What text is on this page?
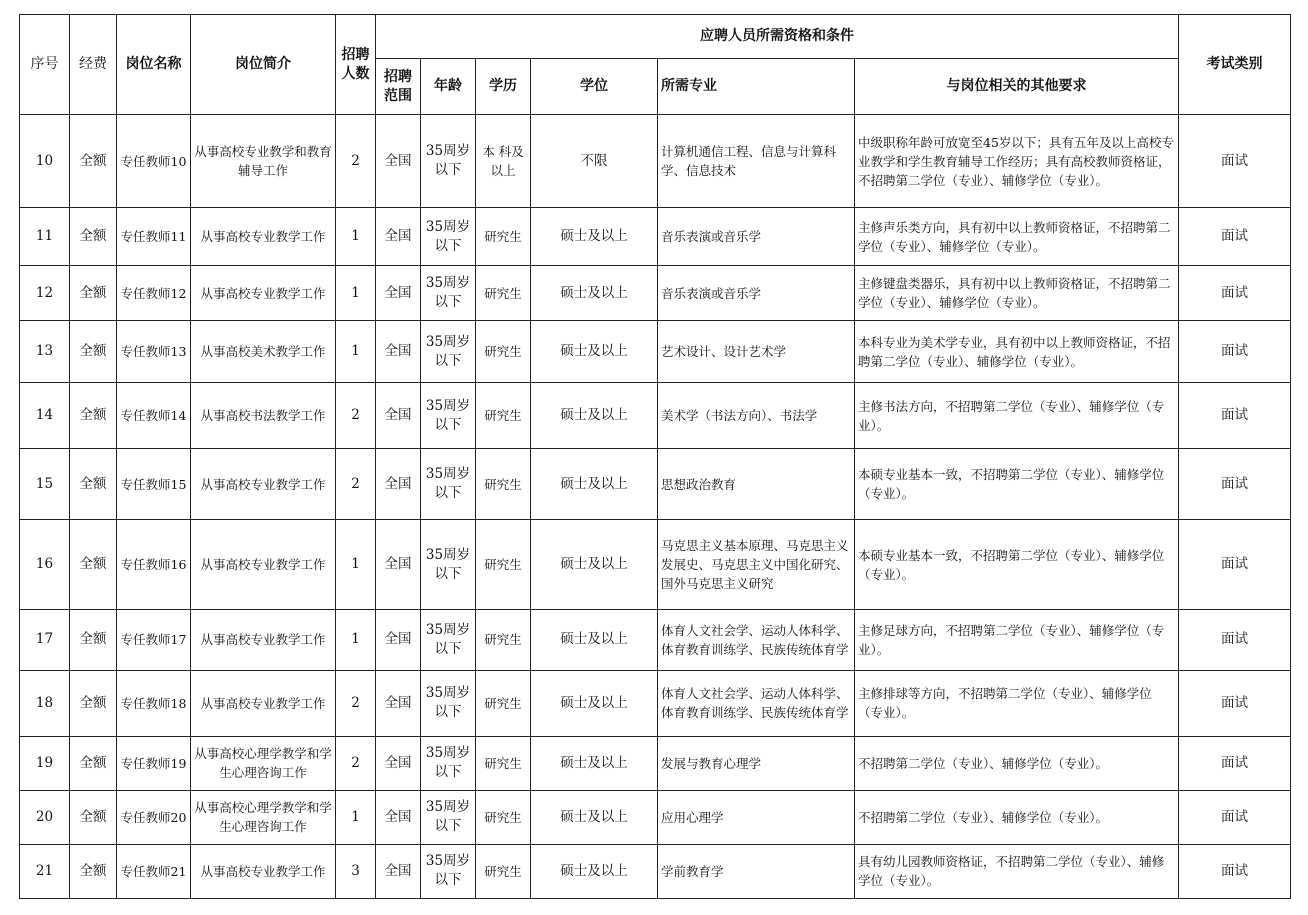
序号	经费	岗位名称	岗位简介	招聘人数	应聘人员所需资格和条件						考试类别
					招聘范围	年龄	学历	学位	所需专业	与岗位相关的其他要求	
10	全额	专任教师10	从事高校专业教学和教育辅导工作	2	全国	35周岁以下	本 科及以上	不限	计算机通信工程、信息与计算科学、信息技术	中级职称年龄可放宽至45岁以下；具有五年及以上高校专业教学和学生教育辅导工作经历；具有高校教师资格证，不招聘第二学位（专业）、辅修学位（专业）。	面试
11	全额	专任教师11	从事高校专业教学工作	1	全国	35周岁以下	研究生	硕士及以上	音乐表演或音乐学	主修声乐类方向，具有初中以上教师资格证，不招聘第二学位（专业）、辅修学位（专业）。	面试
12	全额	专任教师12	从事高校专业教学工作	1	全国	35周岁以下	研究生	硕士及以上	音乐表演或音乐学	主修键盘类器乐，具有初中以上教师资格证，不招聘第二学位（专业）、辅修学位（专业）。	面试
13	全额	专任教师13	从事高校美术教学工作	1	全国	35周岁以下	研究生	硕士及以上	艺术设计、设计艺术学	本科专业为美术学专业，具有初中以上教师资格证，不招聘第二学位（专业）、辅修学位（专业）。	面试
14	全额	专任教师14	从事高校书法教学工作	2	全国	35周岁以下	研究生	硕士及以上	美术学（书法方向）、书法学	主修书法方向，不招聘第二学位（专业）、辅修学位（专业）。	面试
15	全额	专任教师15	从事高校专业教学工作	2	全国	35周岁以下	研究生	硕士及以上	思想政治教育	本硕专业基本一致，不招聘第二学位（专业）、辅修学位（专业）。	面试
16	全额	专任教师16	从事高校专业教学工作	1	全国	35周岁以下	研究生	硕士及以上	马克思主义基本原理、马克思主义发展史、马克思主义中国化研究、国外马克思主义研究	本硕专业基本一致，不招聘第二学位（专业）、辅修学位（专业）。	面试
17	全额	专任教师17	从事高校专业教学工作	1	全国	35周岁以下	研究生	硕士及以上	体育人文社会学、运动人体科学、体育教育训练学、民族传统体育学	主修足球方向，不招聘第二学位（专业）、辅修学位（专业）。	面试
18	全额	专任教师18	从事高校专业教学工作	2	全国	35周岁以下	研究生	硕士及以上	体育人文社会学、运动人体科学、体育教育训练学、民族传统体育学	主修排球等方向，不招聘第二学位（专业）、辅修学位（专业）。	面试
19	全额	专任教师19	从事高校心理学教学和学生心理咨询工作	2	全国	35周岁以下	研究生	硕士及以上	发展与教育心理学	不招聘第二学位（专业）、辅修学位（专业）。	面试
20	全额	专任教师20	从事高校心理学教学和学生心理咨询工作	1	全国	35周岁以下	研究生	硕士及以上	应用心理学	不招聘第二学位（专业）、辅修学位（专业）。	面试
21	全额	专任教师21	从事高校专业教学工作	3	全国	35周岁以下	研究生	硕士及以上	学前教育学	具有幼儿园教师资格证，不招聘第二学位（专业）、辅修学位（专业）。	面试
